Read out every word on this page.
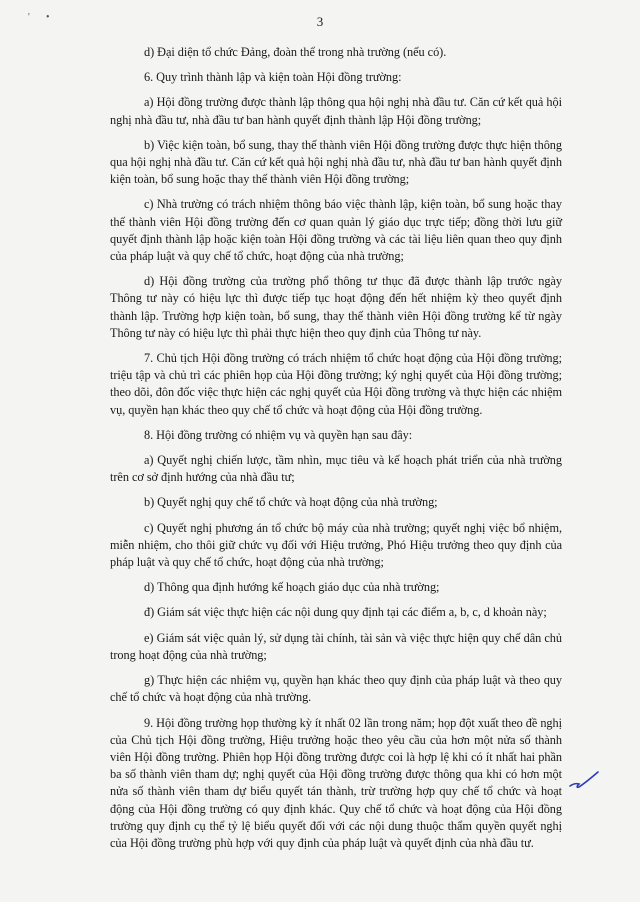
' •	3

d) Đại diện tổ chức Đảng, đoàn thể trong nhà trường (nếu có).

6. Quy trình thành lập và kiện toàn Hội đồng trường:

a) Hội đồng trường được thành lập thông qua hội nghị nhà đầu tư. Căn cứ kết quả hội nghị nhà đầu tư, nhà đầu tư ban hành quyết định thành lập Hội đồng trường;

b) Việc kiện toàn, bổ sung, thay thế thành viên Hội đồng trường được thực hiện thông qua hội nghị nhà đầu tư. Căn cứ kết quả hội nghị nhà đầu tư, nhà đầu tư ban hành quyết định kiện toàn, bổ sung hoặc thay thế thành viên Hội đồng trường;

c) Nhà trường có trách nhiệm thông báo việc thành lập, kiện toàn, bổ sung hoặc thay thế thành viên Hội đồng trường đến cơ quan quản lý giáo dục trực tiếp; đồng thời lưu giữ quyết định thành lập hoặc kiện toàn Hội đồng trường và các tài liệu liên quan theo quy định của pháp luật và quy chế tổ chức, hoạt động của nhà trường;

d) Hội đồng trường của trường phổ thông tư thục đã được thành lập trước ngày Thông tư này có hiệu lực thì được tiếp tục hoạt động đến hết nhiệm kỳ theo quyết định thành lập. Trường hợp kiện toàn, bổ sung, thay thế thành viên Hội đồng trường kể từ ngày Thông tư này có hiệu lực thì phải thực hiện theo quy định của Thông tư này.

7. Chủ tịch Hội đồng trường có trách nhiệm tổ chức hoạt động của Hội đồng trường; triệu tập và chủ trì các phiên họp của Hội đồng trường; ký nghị quyết của Hội đồng trường; theo dõi, đôn đốc việc thực hiện các nghị quyết của Hội đồng trường và thực hiện các nhiệm vụ, quyền hạn khác theo quy chế tổ chức và hoạt động của Hội đồng trường.

8. Hội đồng trường có nhiệm vụ và quyền hạn sau đây:

a) Quyết nghị chiến lược, tầm nhìn, mục tiêu và kế hoạch phát triển của nhà trường trên cơ sở định hướng của nhà đầu tư;

b) Quyết nghị quy chế tổ chức và hoạt động của nhà trường;

c) Quyết nghị phương án tổ chức bộ máy của nhà trường; quyết nghị việc bổ nhiệm, miễn nhiệm, cho thôi giữ chức vụ đối với Hiệu trưởng, Phó Hiệu trưởng theo quy định của pháp luật và quy chế tổ chức, hoạt động của nhà trường;

d) Thông qua định hướng kế hoạch giáo dục của nhà trường;

đ) Giám sát việc thực hiện các nội dung quy định tại các điểm a, b, c, d khoản này;

e) Giám sát việc quản lý, sử dụng tài chính, tài sản và việc thực hiện quy chế dân chủ trong hoạt động của nhà trường;

g) Thực hiện các nhiệm vụ, quyền hạn khác theo quy định của pháp luật và theo quy chế tổ chức và hoạt động của nhà trường.

9. Hội đồng trường họp thường kỳ ít nhất 02 lần trong năm; họp đột xuất theo đề nghị của Chủ tịch Hội đồng trường, Hiệu trưởng hoặc theo yêu cầu của hơn một nửa số thành viên Hội đồng trường. Phiên họp Hội đồng trường được coi là hợp lệ khi có ít nhất hai phần ba số thành viên tham dự; nghị quyết của Hội đồng trường được thông qua khi có hơn một nửa số thành viên tham dự biểu quyết tán thành, trừ trường hợp quy chế tổ chức và hoạt động của Hội đồng trường có quy định khác. Quy chế tổ chức và hoạt động của Hội đồng trường quy định cụ thể tỷ lệ biểu quyết đối với các nội dung thuộc thẩm quyền quyết nghị của Hội đồng trường phù hợp với quy định của pháp luật và quyết định của nhà đầu tư.
